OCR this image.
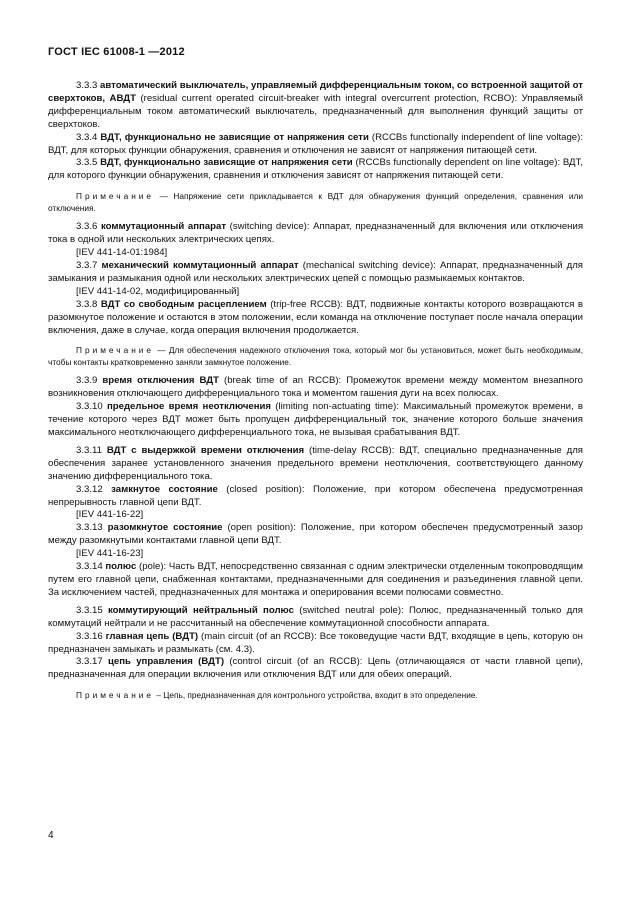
ГОСТ IEC 61008-1 —2012

3.3.3 автоматический выключатель, управляемый дифференциальным током, со встроенной защитой от сверхтоков, АВДТ (residual current operated circuit-breaker with integral overcurrent protection, RCBO): Управляемый дифференциальным током автоматический выключатель, предназначенный для выполнения функций защиты от сверхтоков.

3.3.4 ВДТ, функционально не зависящие от напряжения сети (RCCBs functionally independent of line voltage): ВДТ, для которых функции обнаружения, сравнения и отключения не зависят от напряжения питающей сети.

3.3.5 ВДТ, функционально зависящие от напряжения сети (RCCBs functionally dependent on line voltage): ВДТ, для которого функции обнаружения, сравнения и отключения зависят от напряжения питающей сети.

Примечание — Напряжение сети прикладывается к ВДТ для обнаружения функций определения, сравнения или отключения.

3.3.6 коммутационный аппарат (switching device): Аппарат, предназначенный для включения или отключения тока в одной или нескольких электрических цепях.

[IEV 441-14-01:1984]

3.3.7 механический коммутационный аппарат (mechanical switching device): Аппарат, предназначенный для замыкания и размыкания одной или нескольких электрических цепей с помощью размыкаемых контактов.

[IEV 441-14-02, модифицированный]

3.3.8 ВДТ со свободным расцеплением (trip-free RCCB): ВДТ, подвижные контакты которого возвращаются в разомкнутое положение и остаются в этом положении, если команда на отключение поступает после начала операции включения, даже в случае, когда операция включения продолжается.

Примечание — Для обеспечения надежного отключения тока, который мог бы установиться, может быть необходимым, чтобы контакты кратковременно заняли замкнутое положение.

3.3.9 время отключения ВДТ (break time of an RCCB): Промежуток времени между моментом внезапного возникновения отключающего дифференциального тока и моментом гашения дуги на всех полюсах.

3.3.10 предельное время неотключения (limiting non-actuating time): Максимальный промежуток времени, в течение которого через ВДТ может быть пропущен дифференциальный ток, значение которого больше значения максимального неотключающего дифференциального тока, не вызывая срабатывания ВДТ.

3.3.11 ВДТ с выдержкой времени отключения (time-delay RCCB): ВДТ, специально предназначенные для обеспечения заранее установленного значения предельного времени неотключения, соответствующего данному значению дифференциального тока.

3.3.12 замкнутое состояние (closed position): Положение, при котором обеспечена предусмотренная непрерывность главной цепи ВДТ.

[IEV 441-16-22]

3.3.13 разомкнутое состояние (open position): Положение, при котором обеспечен предусмотренный зазор между разомкнутыми контактами главной цепи ВДТ.

[IEV 441-16-23]

3.3.14 полюс (pole): Часть ВДТ, непосредственно связанная с одним электрически отделенным токопроводящим путем его главной цепи, снабженная контактами, предназначенными для соединения и разъединения главной цепи. За исключением частей, предназначенных для монтажа и оперирования всеми полюсами совместно.

3.3.15 коммутирующий нейтральный полюс (switched neutral pole): Полюс, предназначенный только для коммутаций нейтрали и не рассчитанный на обеспечение коммутационной способности аппарата.

3.3.16 главная цепь (ВДТ) (main circuit (of an RCCB): Все токоведущие части ВДТ, входящие в цепь, которую он предназначен замыкать и размыкать (см. 4.3).

3.3.17 цепь управления (ВДТ) (control circuit (of an RCCB): Цепь (отличающаяся от части главной цепи), предназначенная для операции включения или отключения ВДТ или для обеих операций.

Примечание – Цепь, предназначенная для контрольного устройства, входит в это определение.

4
